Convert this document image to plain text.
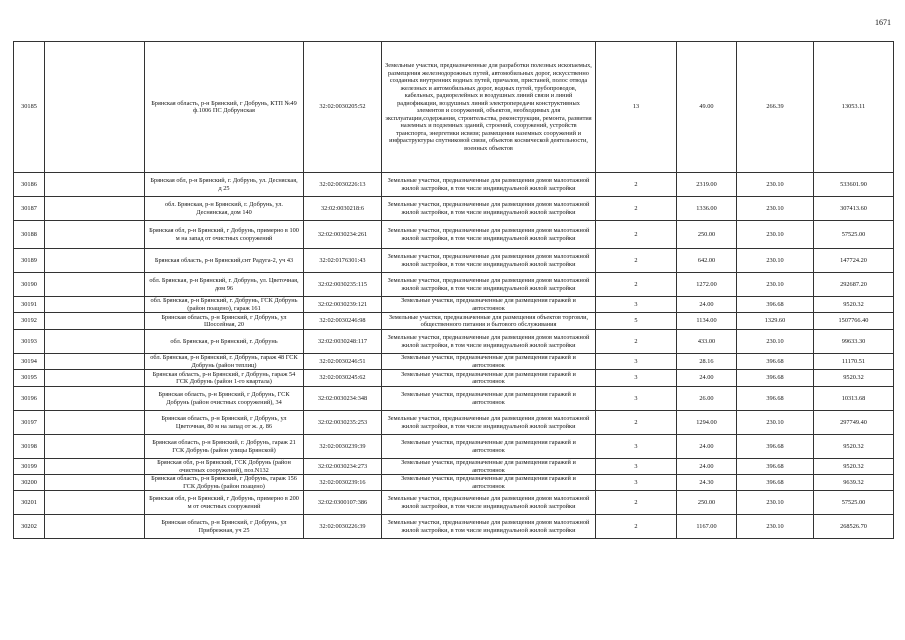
1671
30185		Брянская область, р-н Брянский, г Добрунь, КТП №49 ф.1006 ПС Добрунская	32:02:0030205:52	Земельные участки, предназначенные для разработки полезных ископаемых, размещения железнодорожных путей, автомобильных дорог, искусственно созданных внутренних водных путей, причалов, пристаней, полос отвода железных и автомобильных дорог, водных путей, трубопроводов, кабельных, радиорелейных и воздушных линий связи и линий радиофикации, воздушных линий электропередачи конструктивных элементов и сооружений, объектов, необходимых для эксплуатации,содержания, строительства, реконструкции, ремонта, развития наземных и подземных зданий, строений, сооружений, устройств транспорта, энергетики исвязи; размещения наземных сооружений и инфраструктуры спутниковой связи, объектов космической деятельности, военных объектов	13	49.00	266.39	13053.11
30186		Брянская обл, р-н Брянский, г. Добрунь, ул. Десняская, д 25	32:02:0030226:13	Земельные участки, предназначенные для размещения домов малоэтажной жилой застройки, в том числе индивидуальной жилой застройки	2	2319.00	230.10	533601.90
30187		обл. Брянская, р-н Брянский, г. Добрунь, ул. Деснянская, дом 140	32:02:0030218:6	Земельные участки, предназначенные для размещения домов малоэтажной жилой застройки, в том числе индивидуальной жилой застройки	2	1336.00	230.10	307413.60
30188		Брянская обл, р-н Брянский, г Добрунь, примерно в 100 м на запад от очистных сооружений	32:02:0030234:261	Земельные участки, предназначенные для размещения домов малоэтажной жилой застройки, в том числе индивидуальной жилой застройки	2	250.00	230.10	57525.00
30189		Брянская область, р-н Брянский,снт Радуга-2, уч 43	32:02:0176301:43	Земельные участки, предназначенные для размещения домов малоэтажной жилой застройки, в том числе индивидуальной жилой застройки	2	642.00	230.10	147724.20
30190		обл. Брянская, р-н Брянский, г. Добрунь, ул. Цветочная, дом 96	32:02:0030235:115	Земельные участки, предназначенные для размещения домов малоэтажной жилой застройки, в том числе индивидуальной жилой застройки	2	1272.00	230.10	292687.20
30191		обл. Брянская, р-н Брянский, г. Добрунь, ГСК Добрунь (район поацено), гараж 161	32:02:0030239:121	Земельные участки, предназначенные для размещения гаражей и автостоянок	3	24.00	396.68	9520.32
30192		Брянская область, р-н Брянский, г Добрунь, ул Шоссейная, 20	32:02:0030246:98	Земельные участки, предназначенные для размещения объектов торговли, общественного питания и бытового обслуживания	5	1134.00	1329.60	1507766.40
30193		обл. Брянская, р-н Брянский, г. Добрунь	32:02:0030248:117	Земельные участки, предназначенные для размещения домов малоэтажной жилой застройки, в том числе индивидуальной жилой застройки	2	433.00	230.10	99633.30
30194		обл. Брянская, р-н Брянский, г. Добрунь, гараж 48 ГСК Добрунь (район теплиц)	32:02:0030246:51	Земельные участки, предназначенные для размещения гаражей и автостоянок	3	28.16	396.68	11170.51
30195		Брянская область, р-н Брянский, г Добрунь, гараж 54 ГСК Добрунь (район 1-го квартала)	32:02:0030245:62	Земельные участки, предназначенные для размещения гаражей и автостоянок	3	24.00	396.68	9520.32
30196		Брянская область, р-н Брянский, г Добрунь, ГСК Добрунь (район очистных сооружений), 34	32:02:0030234:348	Земельные участки, предназначенные для размещения гаражей и автостоянок	3	26.00	396.68	10313.68
30197		Брянская область, р-н Брянский, г Добрунь, ул Цветочная, 80 м на запад от ж. д. 86	32:02:0030235:253	Земельные участки, предназначенные для размещения домов малоэтажной жилой застройки, в том числе индивидуальной жилой застройки	2	1294.00	230.10	297749.40
30198		Брянская область, р-н Брянский, г. Добрунь, гараж 21 ГСК Добрунь (район улицы Брянской)	32:02:0030239:39	Земельные участки, предназначенные для размещения гаражей и автостоянок	3	24.00	396.68	9520.32
30199		Брянская обл, р-н Брянский, ГСК Добрунь (район очистных сооружений), поз.N132	32:02:0030234:273	Земельные участки, предназначенные для размещения гаражей и автостоянок	3	24.00	396.68	9520.32
30200		Брянская область, р-н Брянский, г Добрунь, гараж 156 ГСК Добрунь (район поацено)	32:02:0030239:16	Земельные участки, предназначенные для размещения гаражей и автостоянок	3	24.30	396.68	9639.32
30201		Брянская обл, р-н Брянский, г Добрунь, примерно в 200 м от очистных сооружений	32:02:0300107:386	Земельные участки, предназначенные для размещения домов малоэтажной жилой застройки, в том числе индивидуальной жилой застройки	2	250.00	230.10	57525.00
30202		Брянская область, р-н Брянский, г Добрунь, ул Прибрежная, уч 25	32:02:0030226:39	Земельные участки, предназначенные для размещения домов малоэтажной жилой застройки, в том числе индивидуальной жилой застройки	2	1167.00	230.10	268526.70
